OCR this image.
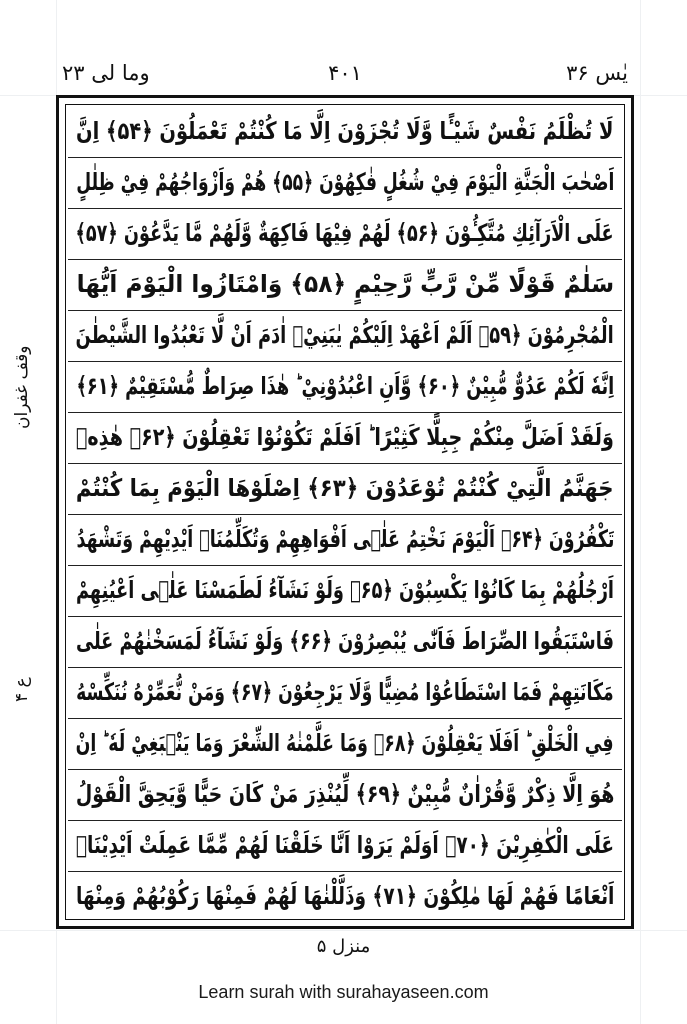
وما لی ۲۳	۴۰۱	یٰس ۳۶
وقف غفران
ع ۴
لَا تُظْلَمُ نَفْسٌ شَيْـًٔا وَّلَا تُجْزَوْنَ اِلَّا مَا كُنْتُمْ تَعْمَلُوْنَ ﴿۵۴﴾ اِنَّ
اَصْحٰبَ الْجَنَّةِ الْيَوْمَ فِيْ شُغُلٍ فٰكِهُوْنَ ﴿۵۵﴾ هُمْ وَاَزْوَاجُهُمْ فِيْ ظِلٰلٍ
عَلَى الْاَرَآئِكِ مُتَّكِـُٔوْنَ ﴿۵۶﴾ لَهُمْ فِيْهَا فَاكِهَةٌ وَّلَهُمْ مَّا يَدَّعُوْنَ ﴿۵۷﴾
سَلٰمٌ قَوْلًا مِّنْ رَّبٍّ رَّحِيْمٍ ﴿۵۸﴾ وَامْتَازُوا الْيَوْمَ اَيُّهَا
الْمُجْرِمُوْنَ ﴿۵۹﴾ اَلَمْ اَعْهَدْ اِلَيْكُمْ يٰبَنِيْۤ اٰدَمَ اَنْ لَّا تَعْبُدُوا الشَّيْطٰنَ
اِنَّهٗ لَكُمْ عَدُوٌّ مُّبِيْنٌ ﴿۶۰﴾ وَّاَنِ اعْبُدُوْنِيْ ؕ هٰذَا صِرَاطٌ مُّسْتَقِيْمٌ ﴿۶۱﴾
وَلَقَدْ اَضَلَّ مِنْكُمْ جِبِلًّا كَثِيْرًا ؕ اَفَلَمْ تَكُوْنُوْا تَعْقِلُوْنَ ﴿۶۲﴾ هٰذِهٖ
جَهَنَّمُ الَّتِيْ كُنْتُمْ تُوْعَدُوْنَ ﴿۶۳﴾ اِصْلَوْهَا الْيَوْمَ بِمَا كُنْتُمْ
تَكْفُرُوْنَ ﴿۶۴﴾ اَلْيَوْمَ نَخْتِمُ عَلٰۤى اَفْوَاهِهِمْ وَتُكَلِّمُنَاۤ اَيْدِيْهِمْ وَتَشْهَدُ
اَرْجُلُهُمْ بِمَا كَانُوْا يَكْسِبُوْنَ ﴿۶۵﴾ وَلَوْ نَشَآءُ لَطَمَسْنَا عَلٰۤى اَعْيُنِهِمْ
فَاسْتَبَقُوا الصِّرَاطَ فَاَنّٰى يُبْصِرُوْنَ ﴿۶۶﴾ وَلَوْ نَشَآءُ لَمَسَخْنٰهُمْ عَلٰى
مَكَانَتِهِمْ فَمَا اسْتَطَاعُوْا مُضِيًّا وَّلَا يَرْجِعُوْنَ ﴿۶۷﴾ وَمَنْ نُّعَمِّرْهُ نُنَكِّسْهُ
فِي الْخَلْقِ ؕ اَفَلَا يَعْقِلُوْنَ ﴿۶۸﴾ وَمَا عَلَّمْنٰهُ الشِّعْرَ وَمَا يَنْۢبَغِيْ لَهٗ ؕ اِنْ
هُوَ اِلَّا ذِكْرٌ وَّقُرْاٰنٌ مُّبِيْنٌ ﴿۶۹﴾ لِّيُنْذِرَ مَنْ كَانَ حَيًّا وَّيَحِقَّ الْقَوْلُ
عَلَى الْكٰفِرِيْنَ ﴿۷۰﴾ اَوَلَمْ يَرَوْا اَنَّا خَلَقْنَا لَهُمْ مِّمَّا عَمِلَتْ اَيْدِيْنَاۤ
اَنْعَامًا فَهُمْ لَهَا مٰلِكُوْنَ ﴿۷۱﴾ وَذَلَّلْنٰهَا لَهُمْ فَمِنْهَا رَكُوْبُهُمْ وَمِنْهَا
منزل ۵
Learn surah with surahayaseen.com
